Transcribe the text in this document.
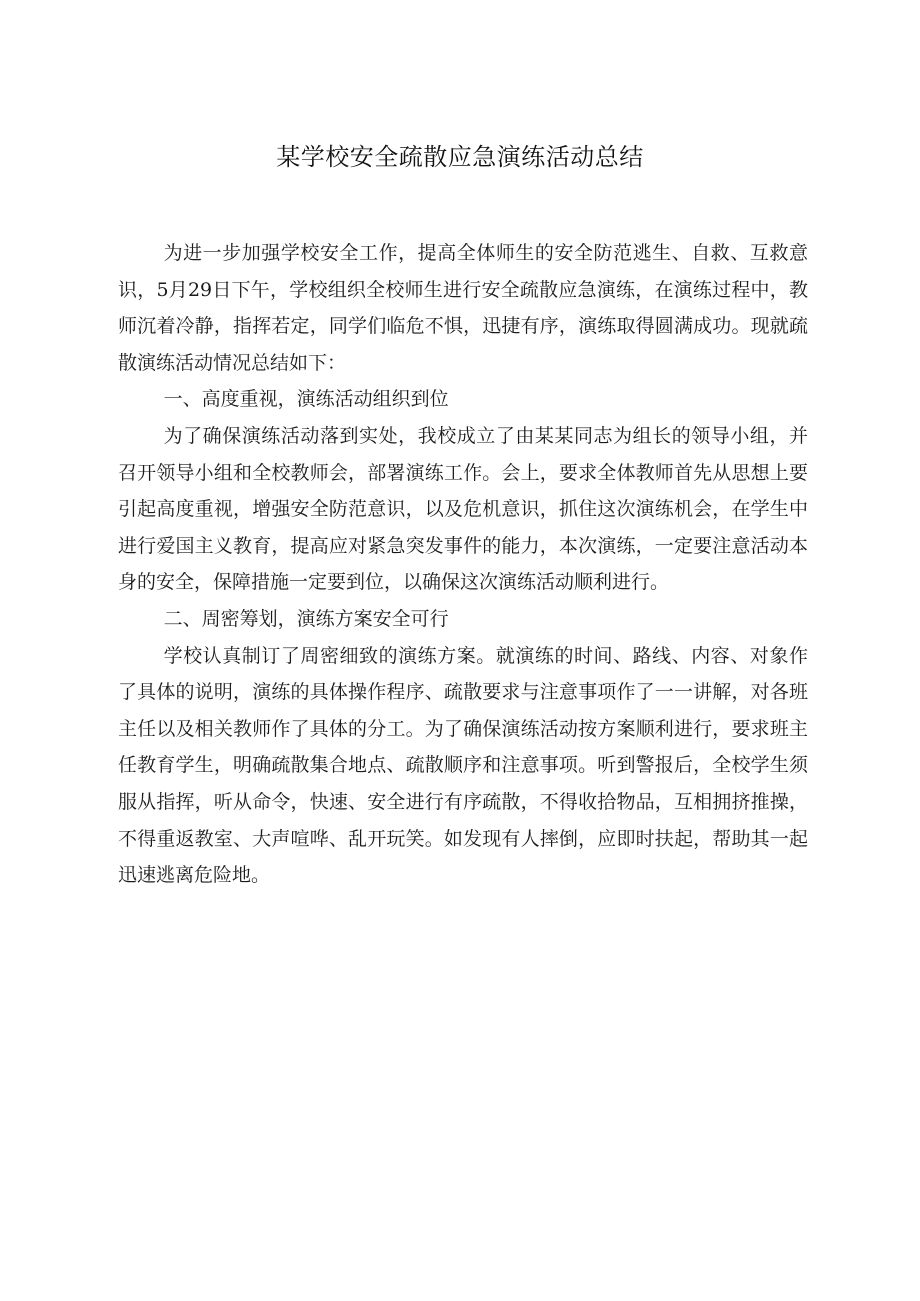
某学校安全疏散应急演练活动总结

为进一步加强学校安全工作，提高全体师生的安全防范逃生、自救、互救意识，5月29日下午，学校组织全校师生进行安全疏散应急演练，在演练过程中，教师沉着冷静，指挥若定，同学们临危不惧，迅捷有序，演练取得圆满成功。现就疏散演练活动情况总结如下：

一、高度重视，演练活动组织到位

为了确保演练活动落到实处，我校成立了由某某同志为组长的领导小组，并召开领导小组和全校教师会，部署演练工作。会上，要求全体教师首先从思想上要引起高度重视，增强安全防范意识，以及危机意识，抓住这次演练机会，在学生中进行爱国主义教育，提高应对紧急突发事件的能力，本次演练，一定要注意活动本身的安全，保障措施一定要到位，以确保这次演练活动顺利进行。

二、周密筹划，演练方案安全可行

学校认真制订了周密细致的演练方案。就演练的时间、路线、内容、对象作了具体的说明，演练的具体操作程序、疏散要求与注意事项作了一一讲解，对各班主任以及相关教师作了具体的分工。为了确保演练活动按方案顺利进行，要求班主任教育学生，明确疏散集合地点、疏散顺序和注意事项。听到警报后，全校学生须服从指挥，听从命令，快速、安全进行有序疏散，不得收拾物品，互相拥挤推操，不得重返教室、大声喧哗、乱开玩笑。如发现有人摔倒，应即时扶起，帮助其一起迅速逃离危险地。
